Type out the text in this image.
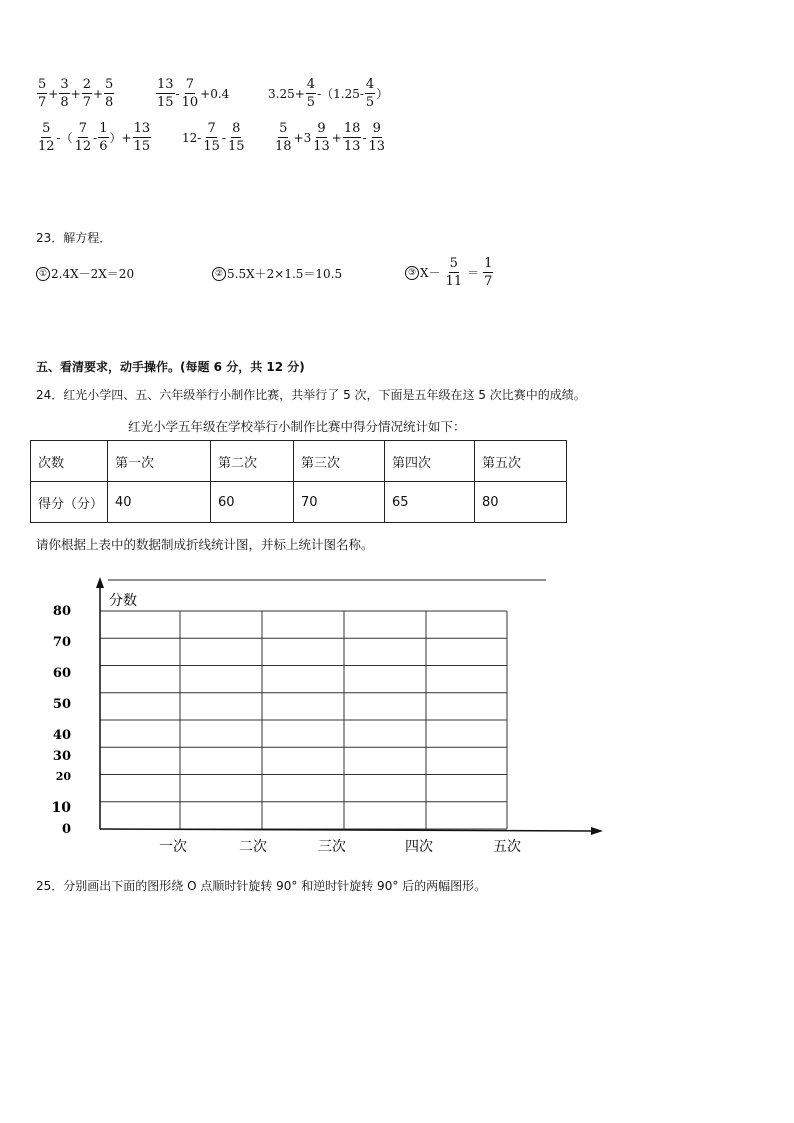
$\frac{5}{7} + \frac{3}{8} + \frac{2}{7} + \frac{5}{8}$	$\frac{13}{15} - \frac{7}{10} +0.4$	$3.25+ \frac{4}{5} -(1.25- \frac{4}{5}$ ）
$\frac{5}{12}$ -（ $\frac{7}{12} - \frac{1}{6}$ ）+ $\frac{13}{15}$	$12- \frac{7}{15} - \frac{8}{15} \frac{5}{18} +3 \frac{9}{13} + \frac{18}{13} - \frac{9}{13}$
23．解方程．
① 2.4X－2X＝20	② 5.5X＋2×1.5＝10.5	③ $X- \frac{5}{11} = \frac{1}{7}$
五、看清要求，动手操作。(每题 6 分，共 12 分)
24．红光小学四、五、六年级举行小制作比赛，共举行了 5 次，下面是五年级在这 5 次比赛中的成绩。
红光小学五年级在学校举行小制作比赛中得分情况统计如下：
次数	第一次	第二次	第三次	第四次	第五次
得分（分）	40	60	70	65	80
请你根据上表中的数据制成折线统计图，并标上统计图名称。
分数
80
70
60
50
40
30
20
10
0
一次	二次	三次	四次	五次
25．分别画出下面的图形绕 O 点顺时针旋转 90° 和逆时针旋转 90° 后的两幅图形。
